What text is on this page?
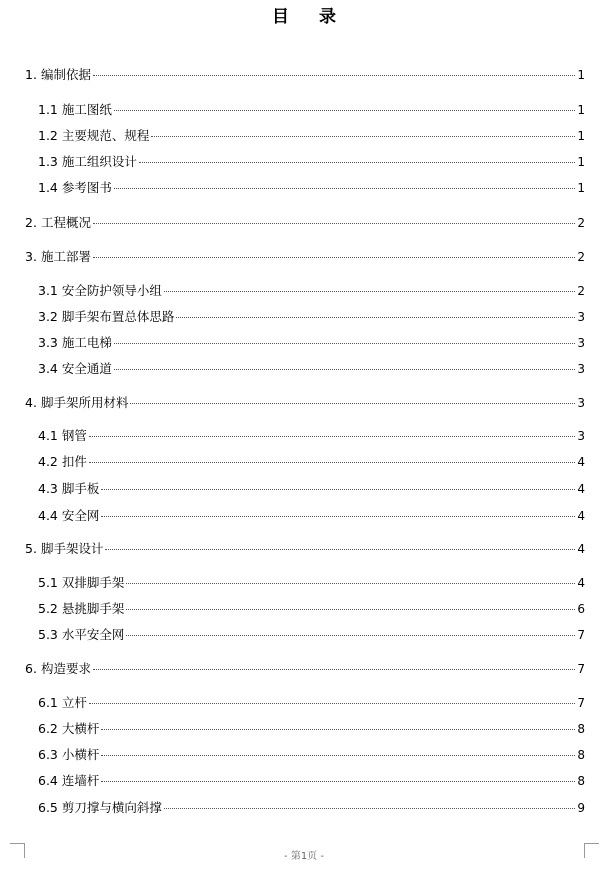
目 录
1. 编制依据	1
1.1 施工图纸	1
1.2 主要规范、规程	1
1.3 施工组织设计	1
1.4 参考图书	1
2. 工程概况	2
3. 施工部署	2
3.1 安全防护领导小组	2
3.2 脚手架布置总体思路	3
3.3 施工电梯	3
3.4 安全通道	3
4. 脚手架所用材料	3
4.1 钢管	3
4.2 扣件	4
4.3 脚手板	4
4.4 安全网	4
5. 脚手架设计	4
5.1 双排脚手架	4
5.2 悬挑脚手架	6
5.3 水平安全网	7
6. 构造要求	7
6.1 立杆	7
6.2 大横杆	8
6.3 小横杆	8
6.4 连墙杆	8
6.5 剪刀撑与横向斜撑	9
- 第1页 -
